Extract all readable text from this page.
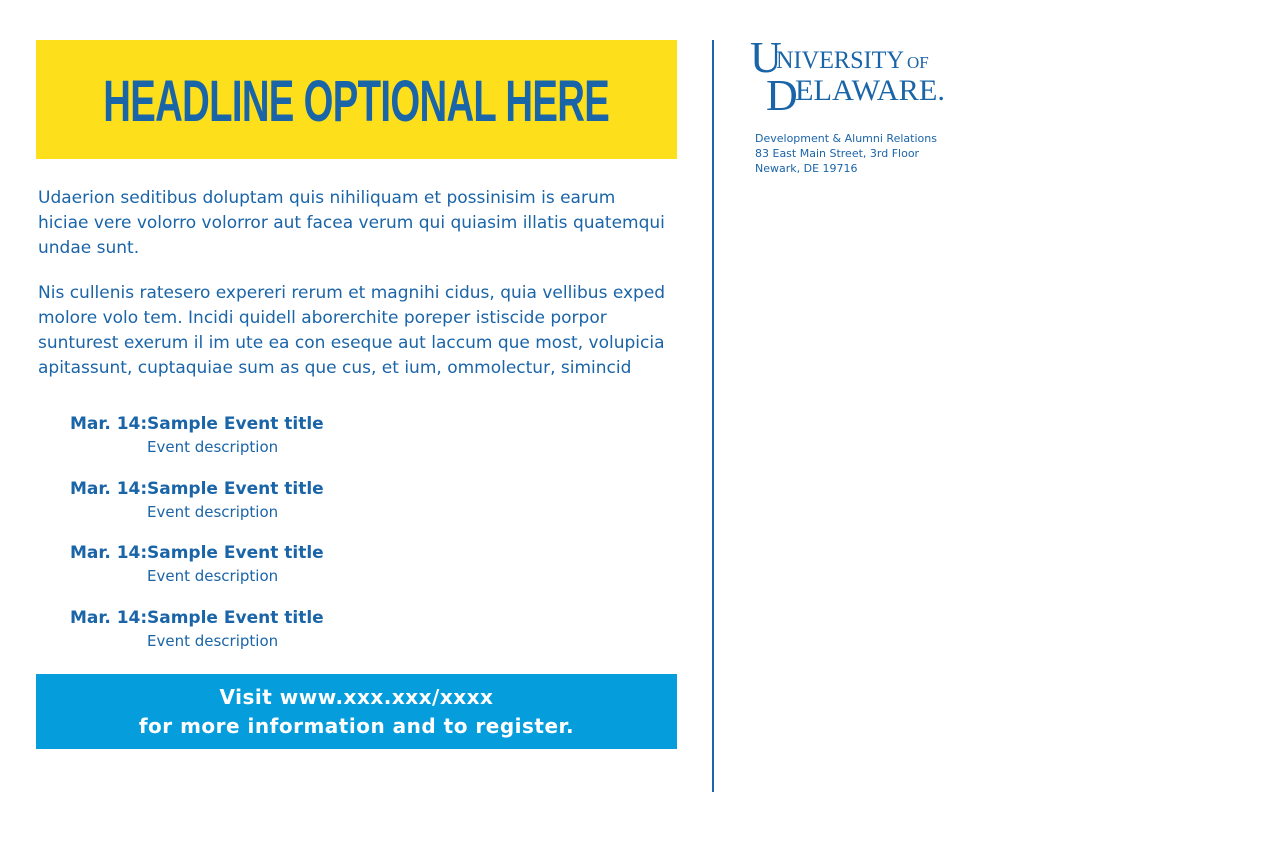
HEADLINE OPTIONAL HERE

Udaerion seditibus doluptam quis nihiliquam et possinisim is earum hiciae vere volorro volorror aut facea verum qui quiasim illatis quatemqui undae sunt.

Nis cullenis ratesero expereri rerum et magnihi cidus, quia vellibus exped molore volo tem. Incidi quidell aborerchite poreper istiscide porpor sunturest exerum il im ute ea con eseque aut laccum que most, volupicia apitassunt, cuptaquiae sum as que cus, et ium, ommolectur, simincid

Mar. 14: Sample Event title
Event description
Mar. 14: Sample Event title
Event description
Mar. 14: Sample Event title
Event description
Mar. 14: Sample Event title
Event description
Visit www.xxx.xxx/xxxx
for more information and to register.
U
NIVERSITY OF
D
ELAWARE.
Development & Alumni Relations
83 East Main Street, 3rd Floor
Newark, DE 19716
